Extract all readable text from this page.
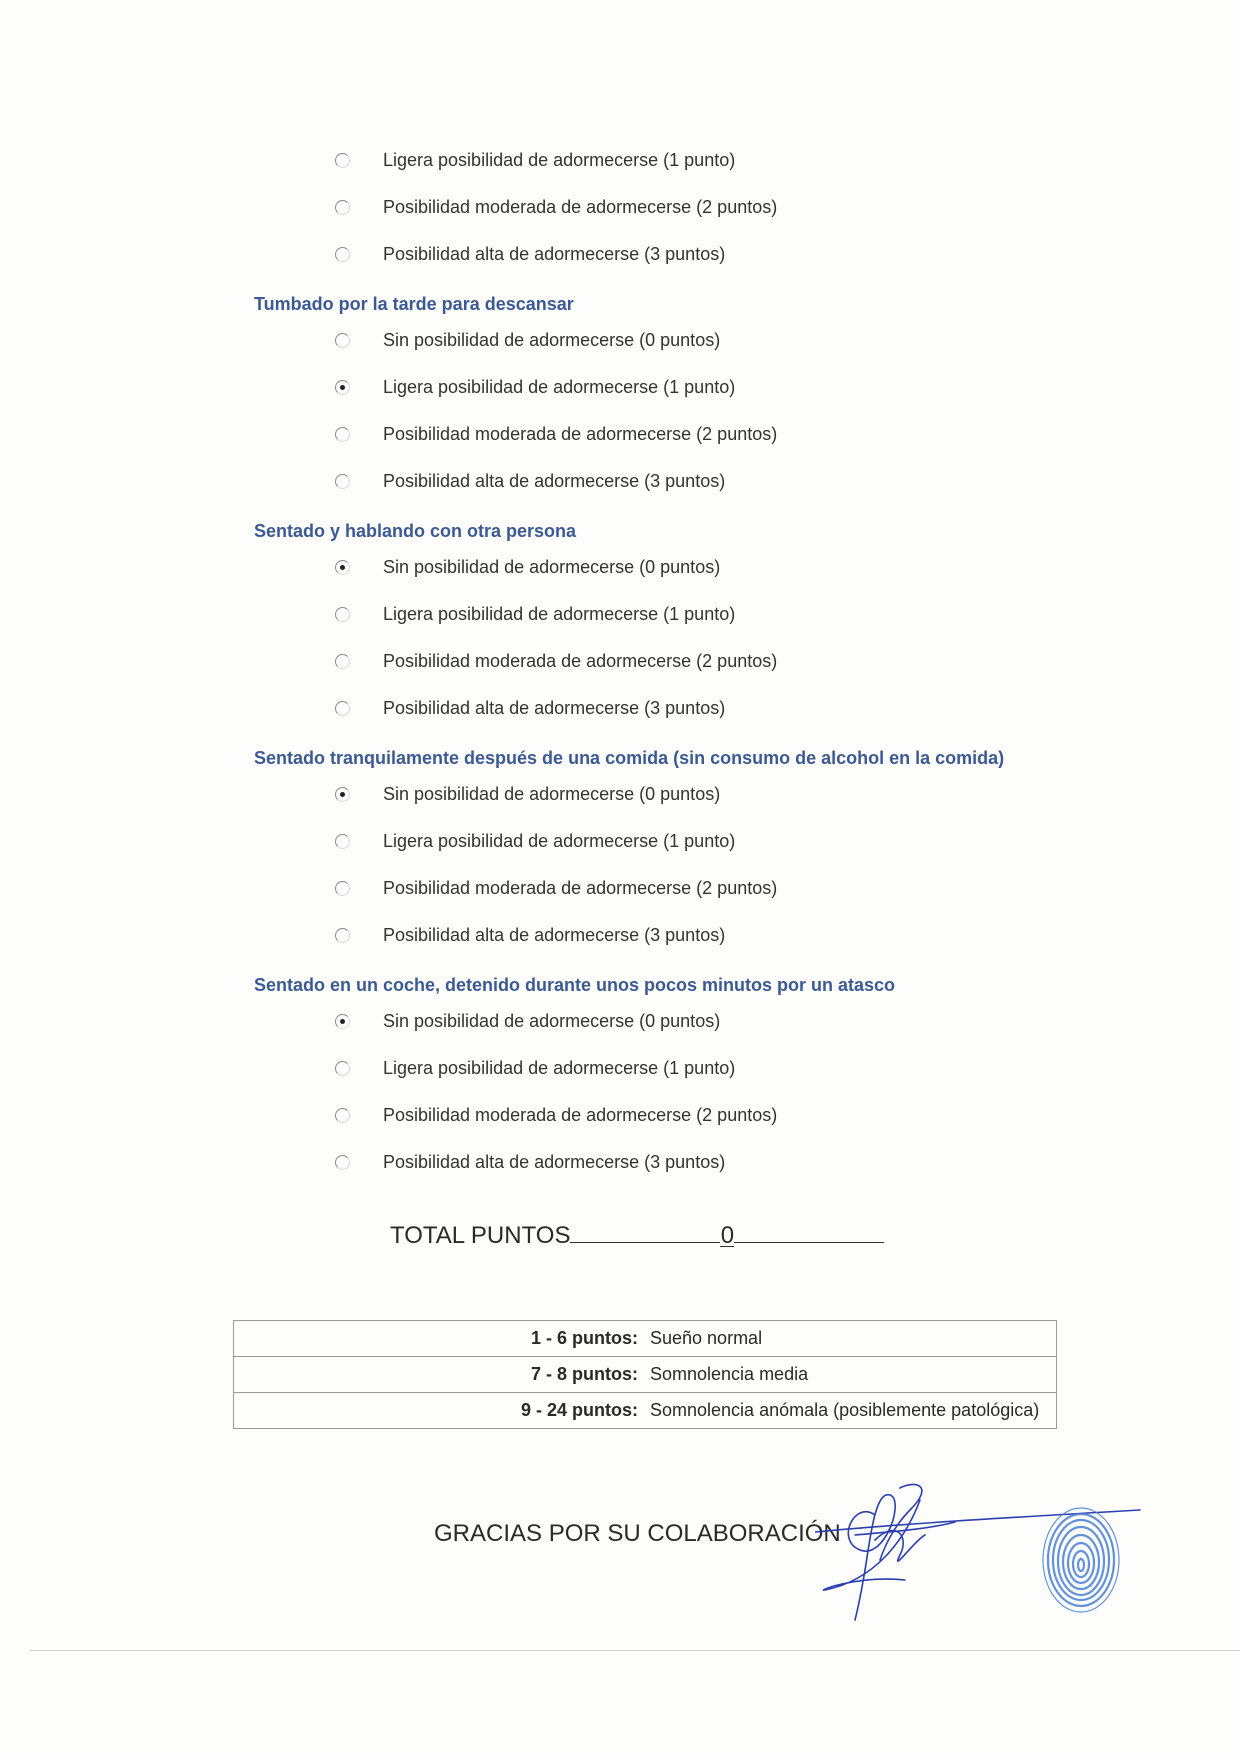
Ligera posibilidad de adormecerse (1 punto)
Posibilidad moderada de adormecerse (2 puntos)
Posibilidad alta de adormecerse (3 puntos)
Tumbado por la tarde para descansar
Sin posibilidad de adormecerse (0 puntos)
Ligera posibilidad de adormecerse (1 punto)
Posibilidad moderada de adormecerse (2 puntos)
Posibilidad alta de adormecerse (3 puntos)
Sentado y hablando con otra persona
Sin posibilidad de adormecerse (0 puntos)
Ligera posibilidad de adormecerse (1 punto)
Posibilidad moderada de adormecerse (2 puntos)
Posibilidad alta de adormecerse (3 puntos)
Sentado tranquilamente después de una comida (sin consumo de alcohol en la comida)
Sin posibilidad de adormecerse (0 puntos)
Ligera posibilidad de adormecerse (1 punto)
Posibilidad moderada de adormecerse (2 puntos)
Posibilidad alta de adormecerse (3 puntos)
Sentado en un coche, detenido durante unos pocos minutos por un atasco
Sin posibilidad de adormecerse (0 puntos)
Ligera posibilidad de adormecerse (1 punto)
Posibilidad moderada de adormecerse (2 puntos)
Posibilidad alta de adormecerse (3 puntos)
TOTAL PUNTOS	0
1 - 6 puntos:	Sueño normal
7 - 8 puntos:	Somnolencia media
9 - 24 puntos:	Somnolencia anómala (posiblemente patológica)
GRACIAS POR SU COLABORACIÓN
